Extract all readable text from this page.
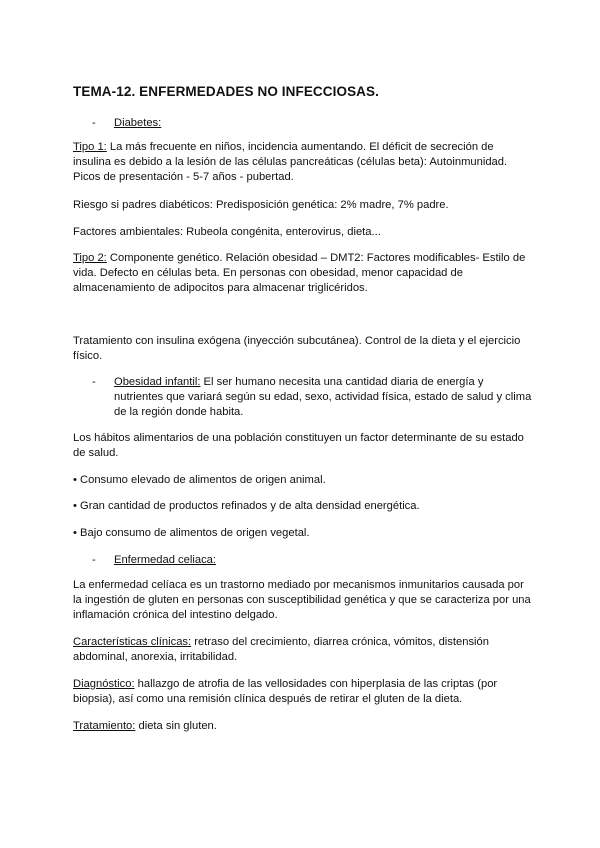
TEMA-12. ENFERMEDADES NO INFECCIOSAS.
- Diabetes:

Tipo 1: La más frecuente en niños, incidencia aumentando. El déficit de secreción de insulina es debido a la lesión de las células pancreáticas (células beta): Autoinmunidad. Picos de presentación - 5-7 años - pubertad.

Riesgo si padres diabéticos: Predisposición genética: 2% madre, 7% padre.

Factores ambientales: Rubeola congénita, enterovirus, dieta...

Tipo 2: Componente genético. Relación obesidad – DMT2: Factores modificables- Estilo de vida. Defecto en células beta. En personas con obesidad, menor capacidad de almacenamiento de adipocitos para almacenar triglicéridos.

Tratamiento con insulina exógena (inyección subcutánea). Control de la dieta y el ejercicio físico.

- Obesidad infantil: El ser humano necesita una cantidad diaria de energía y nutrientes que variará según su edad, sexo, actividad física, estado de salud y clima de la región donde habita.

Los hábitos alimentarios de una población constituyen un factor determinante de su estado de salud.

• Consumo elevado de alimentos de origen animal.

• Gran cantidad de productos refinados y de alta densidad energética.

• Bajo consumo de alimentos de origen vegetal.

- Enfermedad celiaca:

La enfermedad celíaca es un trastorno mediado por mecanismos inmunitarios causada por la ingestión de gluten en personas con susceptibilidad genética y que se caracteriza por una inflamación crónica del intestino delgado.

Características clínicas: retraso del crecimiento, diarrea crónica, vómitos, distensión abdominal, anorexia, irritabilidad.

Diagnóstico: hallazgo de atrofia de las vellosidades con hiperplasia de las criptas (por biopsia), así como una remisión clínica después de retirar el gluten de la dieta.

Tratamiento: dieta sin gluten.
